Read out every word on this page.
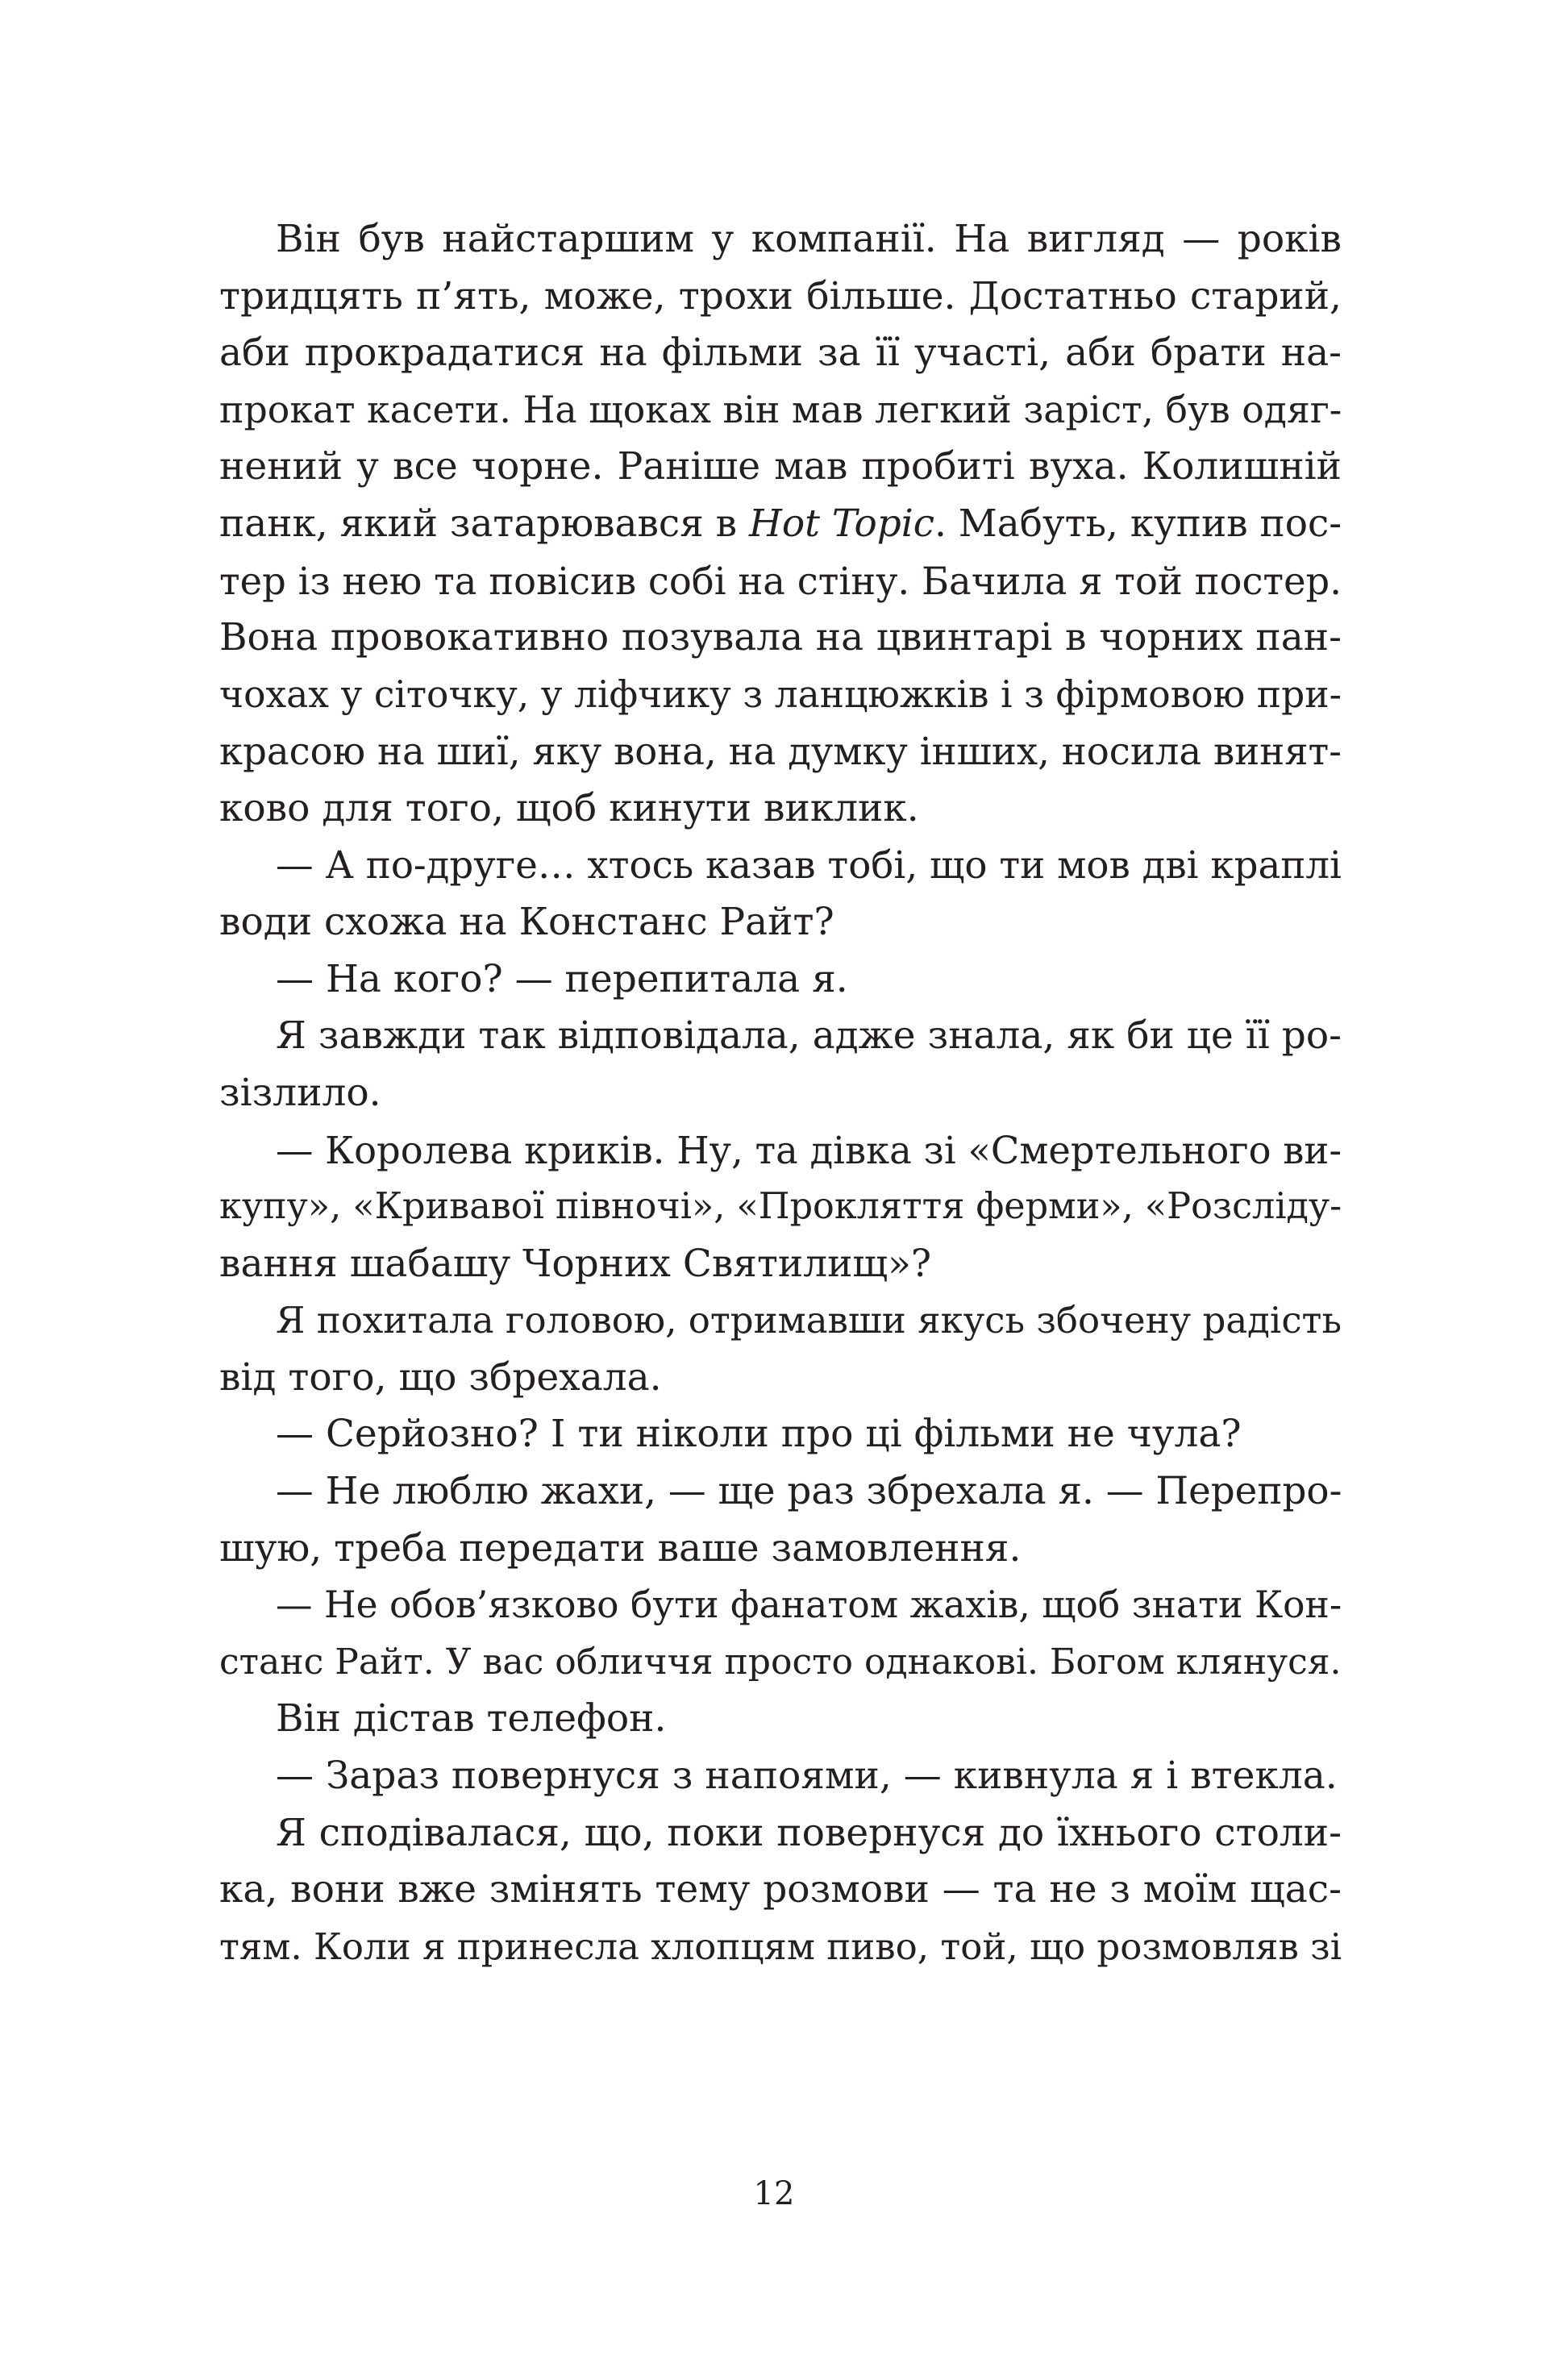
Він був найстаршим у компанії. На вигляд — років
тридцять п’ять, може, трохи більше. Достатньо старий,
аби прокрадатися на фільми за її участі, аби брати на-
прокат касети. На щоках він мав легкий заріст, був одяг-
нений у все чорне. Раніше мав пробиті вуха. Колишній
панк, який затарювався в Hot Topic. Мабуть, купив пос-
тер із нею та повісив собі на стіну. Бачила я той постер.
Вона провокативно позувала на цвинтарі в чорних пан-
чохах у сіточку, у ліфчику з ланцюжків і з фірмовою при-
красою на шиї, яку вона, на думку інших, носила винят-
ково для того, щоб кинути виклик.
— А по-друге… хтось казав тобі, що ти мов дві краплі
води схожа на Констанс Райт?
— На кого? — перепитала я.
Я завжди так відповідала, адже знала, як би це її ро-
зізлило.
— Королева криків. Ну, та дівка зі «Смертельного ви-
купу», «Кривавої півночі», «Прокляття ферми», «Розсліду-
вання шабашу Чорних Святилищ»?
Я похитала головою, отримавши якусь збочену радість
від того, що збрехала.
— Серйозно? І ти ніколи про ці фільми не чула?
— Не люблю жахи, — ще раз збрехала я. — Перепро-
шую, треба передати ваше замовлення.
— Не обов’язково бути фанатом жахів, щоб знати Кон-
станс Райт. У вас обличчя просто однакові. Богом клянуся.
Він дістав телефон.
— Зараз повернуся з напоями, — кивнула я і втекла.
Я сподівалася, що, поки повернуся до їхнього столи-
ка, вони вже змінять тему розмови — та не з моїм щас-
тям. Коли я принесла хлопцям пиво, той, що розмовляв зі
12
